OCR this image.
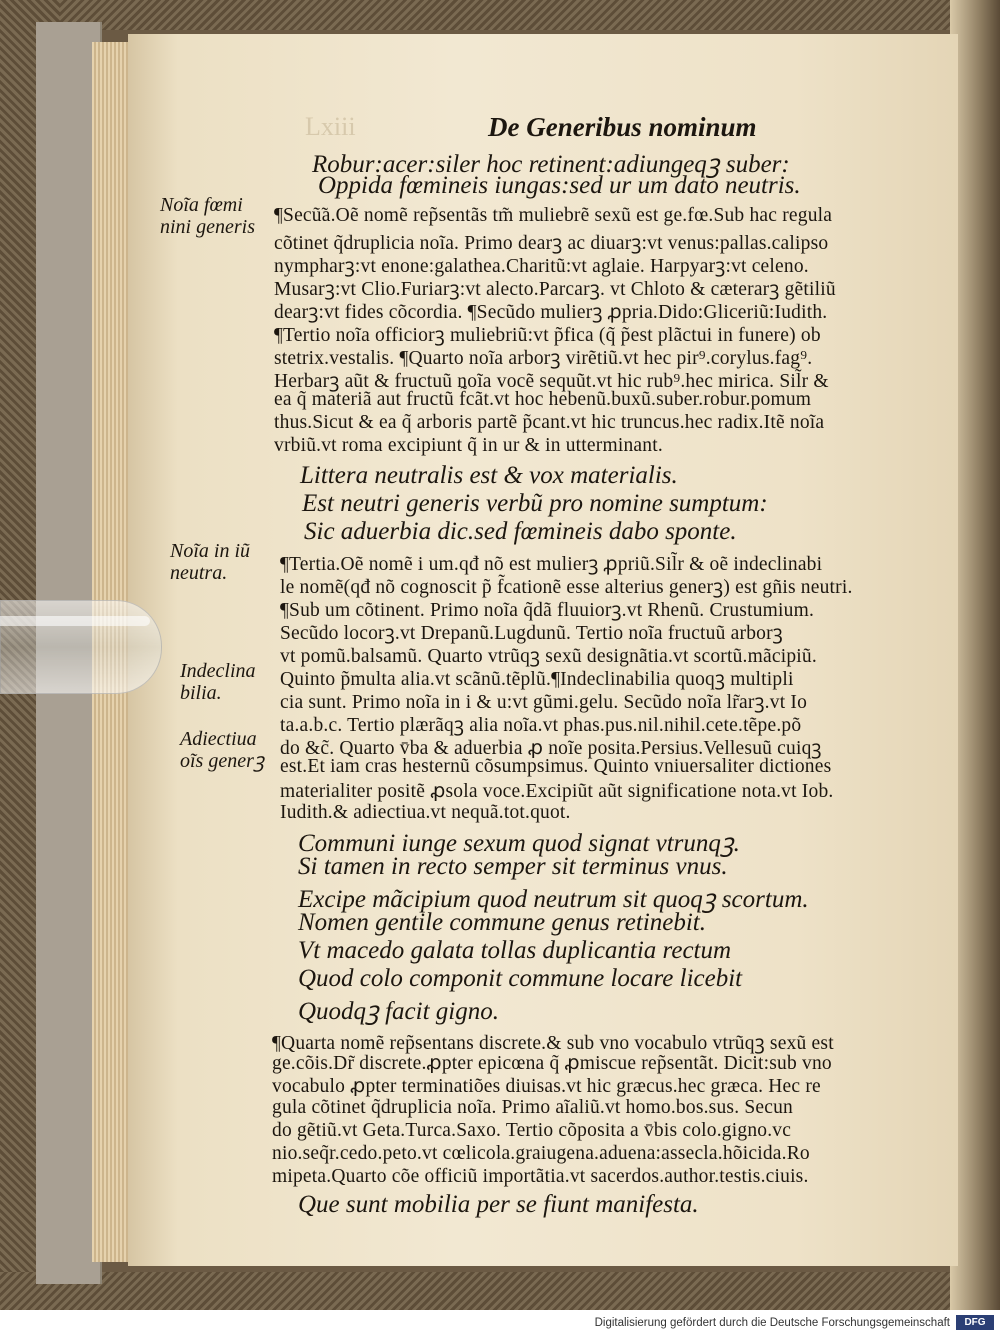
Lxiii	De Generibus nominum
Noĩa fœmi
nini generis
Noĩa in iũ
neutra.
Indeclina
bilia.
Adiectiua
oĩs generꝫ
Robur:acer:siler hoc retinent:adiungeqꝫ suber:
Oppida fœmineis iungas:sed ur um dato neutris.
¶Secũ̃a.Oẽ nomẽ rep̃sentãs tm̃ muliebrẽ sexũ est ge.fœ.Sub hac regula
cõtinet q̃druplicia noĩa. Primo dearꝫ ac diuarꝫ:vt venus:pallas.calipso
nympharꝫ:vt enone:galathea.Charitũ:vt aglaie. Harpyarꝫ:vt celeno.
Musarꝫ:vt Clio.Furiarꝫ:vt alecto.Parcarꝫ. vt Chloto & cæterarꝫ gẽtiliũ
dearꝫ:vt fides cõcordia. ¶Secũdo mulierꝫ ꝓpria.Dido:Gliceriũ:Iudith.
¶Tertio noĩa officiorꝫ muliebriũ:vt p̃fica (q̃ p̃est plãctui in funere) ob
stetrix.vestalis. ¶Quarto noĩa arborꝫ virẽtiũ.vt hec pir⁹.corylus.fag⁹.
Herbarꝫ aũt & fructuũ noĩa vocẽ sequũt.vt hic rub⁹.hec mirica. Sil̃r &
ea q̃ materiã aut fructũ f̃cãt.vt hoc hebenũ.buxũ.suber.robur.pomum
thus.Sicut & ea q̃ arboris partẽ p̃cant.vt hic truncus.hec radix.Itẽ noĩa
vrbiũ.vt roma excipiunt q̃ in ur & in utterminant.
Littera neutralis est & vox materialis.
Est neutri generis verbũ pro nomine sumptum:
Sic aduerbia dic.sed fœmineis dabo sponte.
¶Tertia.Oẽ nomẽ i um.qđ nõ est mulierꝫ ꝓpriũ.Sil̃r & oẽ indeclinabi
le nomẽ(qđ nõ cognoscit p̃ f̃cationẽ esse alterius generꝫ) est gñis neutri.
¶Sub um cõtinent. Primo noĩa q̃dã fluuiorꝫ.vt Rhenũ. Crustumium.
Secũdo locorꝫ.vt Drepanũ.Lugdunũ. Tertio noĩa fructuũ arborꝫ
vt pomũ.balsamũ. Quarto vtrũqꝫ sexũ designãtia.vt scortũ.mãcipiũ.
Quinto p̃multa alia.vt scãnũ.tẽplũ.¶Indeclinabilia quoqꝫ multipli
cia sunt. Primo noĩa in i & u:vt gũmi.gelu. Secũdo noĩa lr̃arꝫ.vt Io
ta.a.b.c. Tertio plærãqꝫ alia noĩa.vt phas.pus.nil.nihil.cete.tẽpe.põ
do &c̃. Quarto v̄ba & aduerbia ꝓ noĩe posita.Persius.Vellesuũ cuiqꝫ
est.Et iam cras hesternũ cõsumpsimus. Quinto vniuersaliter dictiones
materialiter positẽ ꝓsola voce.Excipiũt aũt significatione nota.vt Iob.
Iudith.& adiectiua.vt nequã.tot.quot.
Communi iunge sexum quod signat vtrunqꝫ.
Si tamen in recto semper sit terminus vnus.
Excipe mãcipium quod neutrum sit quoqꝫ scortum.
Nomen gentile commune genus retinebit.
Vt macedo galata tollas duplicantia rectum
Quod colo componit commune locare licebit
Quodqꝫ facit gigno.
¶Quarta nomẽ rep̃sentans discrete.& sub vno vocabulo vtrũqꝫ sexũ est
ge.cõis.Dr̃ discrete.ꝓpter epicœna q̃ ꝓmiscue rep̃sentãt. Dicit:sub vno
vocabulo ꝓpter terminatiões diuisas.vt hic græcus.hec græca. Hec re
gula cõtinet q̃druplicia noĩa. Primo aĩaliũ.vt homo.bos.sus. Secun
do gẽtiũ.vt Geta.Turca.Saxo. Tertio cõposita a v̄bis colo.gigno.vc
nio.seq̃r.cedo.peto.vt cœlicola.graiugena.aduena:assecla.hõicida.Ro
mipeta.Quarto cõe officiũ importãtia.vt sacerdos.author.testis.ciuis.
Que sunt mobilia per se fiunt manifesta.
Digitalisierung gefördert durch die Deutsche Forschungsgemeinschaft	DFG
